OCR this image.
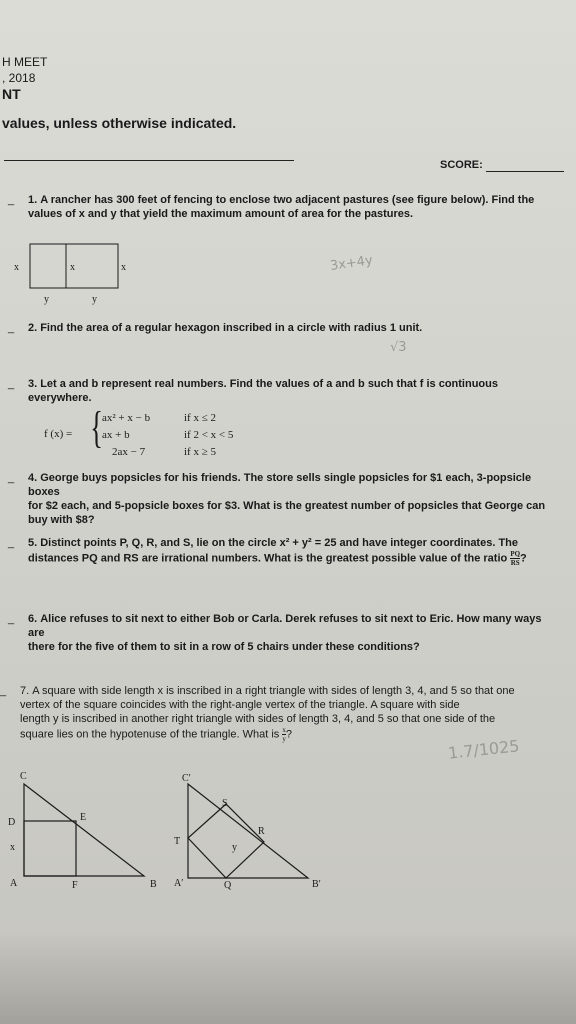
H MEET
, 2018
NT
values, unless otherwise indicated.
SCORE:
_ 1. A rancher has 300 feet of fencing to enclose two adjacent pastures (see figure below). Find the
values of x and y that yield the maximum amount of area for the pastures.
x	x	x
y	y
3x+4y
_ 2. Find the area of a regular hexagon inscribed in a circle with radius 1 unit.
√3
_ 3. Let a and b represent real numbers. Find the values of a and b such that f is continuous
everywhere.
f (x) = { ax² + x − b	if x ≤ 2
ax + b	if 2 < x < 5
2ax − 7	if x ≥ 5
_ 4. George buys popsicles for his friends. The store sells single popsicles for $1 each, 3-popsicle boxes
for $2 each, and 5-popsicle boxes for $3. What is the greatest number of popsicles that George can
buy with $8?
_ 5. Distinct points P, Q, R, and S, lie on the circle x² + y² = 25 and have integer coordinates. The
distances PQ and RS are irrational numbers. What is the greatest possible value of the ratio $\frac{PQ}{RS}$ ?
_ 6. Alice refuses to sit next to either Bob or Carla. Derek refuses to sit next to Eric. How many ways are
there for the five of them to sit in a row of 5 chairs under these conditions?
_ 7. A square with side length x is inscribed in a right triangle with sides of length 3, 4, and 5 so that one
vertex of the square coincides with the right-angle vertex of the triangle. A square with side
length y is inscribed in another right triangle with sides of length 3, 4, and 5 so that one side of the
square lies on the hypotenuse of the triangle. What is $\frac{x}{y}$ ?
1.7/1025
C
D	E
x
A	F	B
C′
S
R
T
y
A′	Q	B′
